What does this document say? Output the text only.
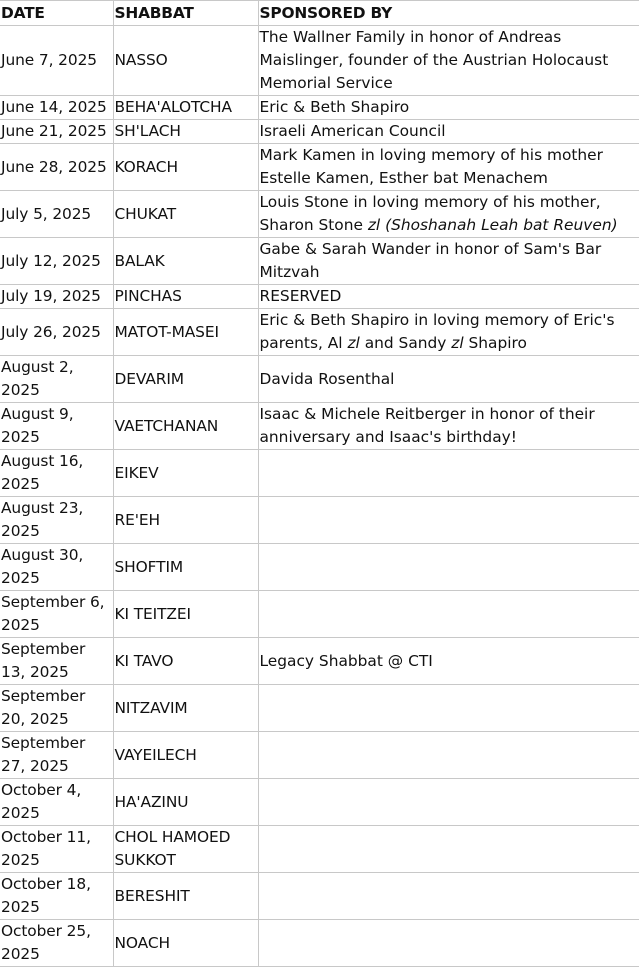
DATE	SHABBAT	SPONSORED BY
June 7, 2025	NASSO	The Wallner Family in honor of Andreas Maislinger, founder of the Austrian Holocaust Memorial Service
June 14, 2025	BEHA'ALOTCHA	Eric & Beth Shapiro
June 21, 2025	SH'LACH	Israeli American Council
June 28, 2025	KORACH	Mark Kamen in loving memory of his mother Estelle Kamen, Esther bat Menachem
July 5, 2025	CHUKAT	Louis Stone in loving memory of his mother, Sharon Stone zl (Shoshanah Leah bat Reuven)
July 12, 2025	BALAK	Gabe & Sarah Wander in honor of Sam's Bar Mitzvah
July 19, 2025	PINCHAS	RESERVED
July 26, 2025	MATOT-MASEI	Eric & Beth Shapiro in loving memory of Eric's parents, Al zl and Sandy zl Shapiro
August 2, 2025	DEVARIM	Davida Rosenthal
August 9, 2025	VAETCHANAN	Isaac & Michele Reitberger in honor of their anniversary and Isaac's birthday!
August 16, 2025	EIKEV	
August 23, 2025	RE'EH	
August 30, 2025	SHOFTIM	
September 6, 2025	KI TEITZEI	
September 13, 2025	KI TAVO	Legacy Shabbat @ CTI
September 20, 2025	NITZAVIM	
September 27, 2025	VAYEILECH	
October 4, 2025	HA'AZINU	
October 11, 2025	CHOL HAMOED SUKKOT	
October 18, 2025	BERESHIT	
October 25, 2025	NOACH	
